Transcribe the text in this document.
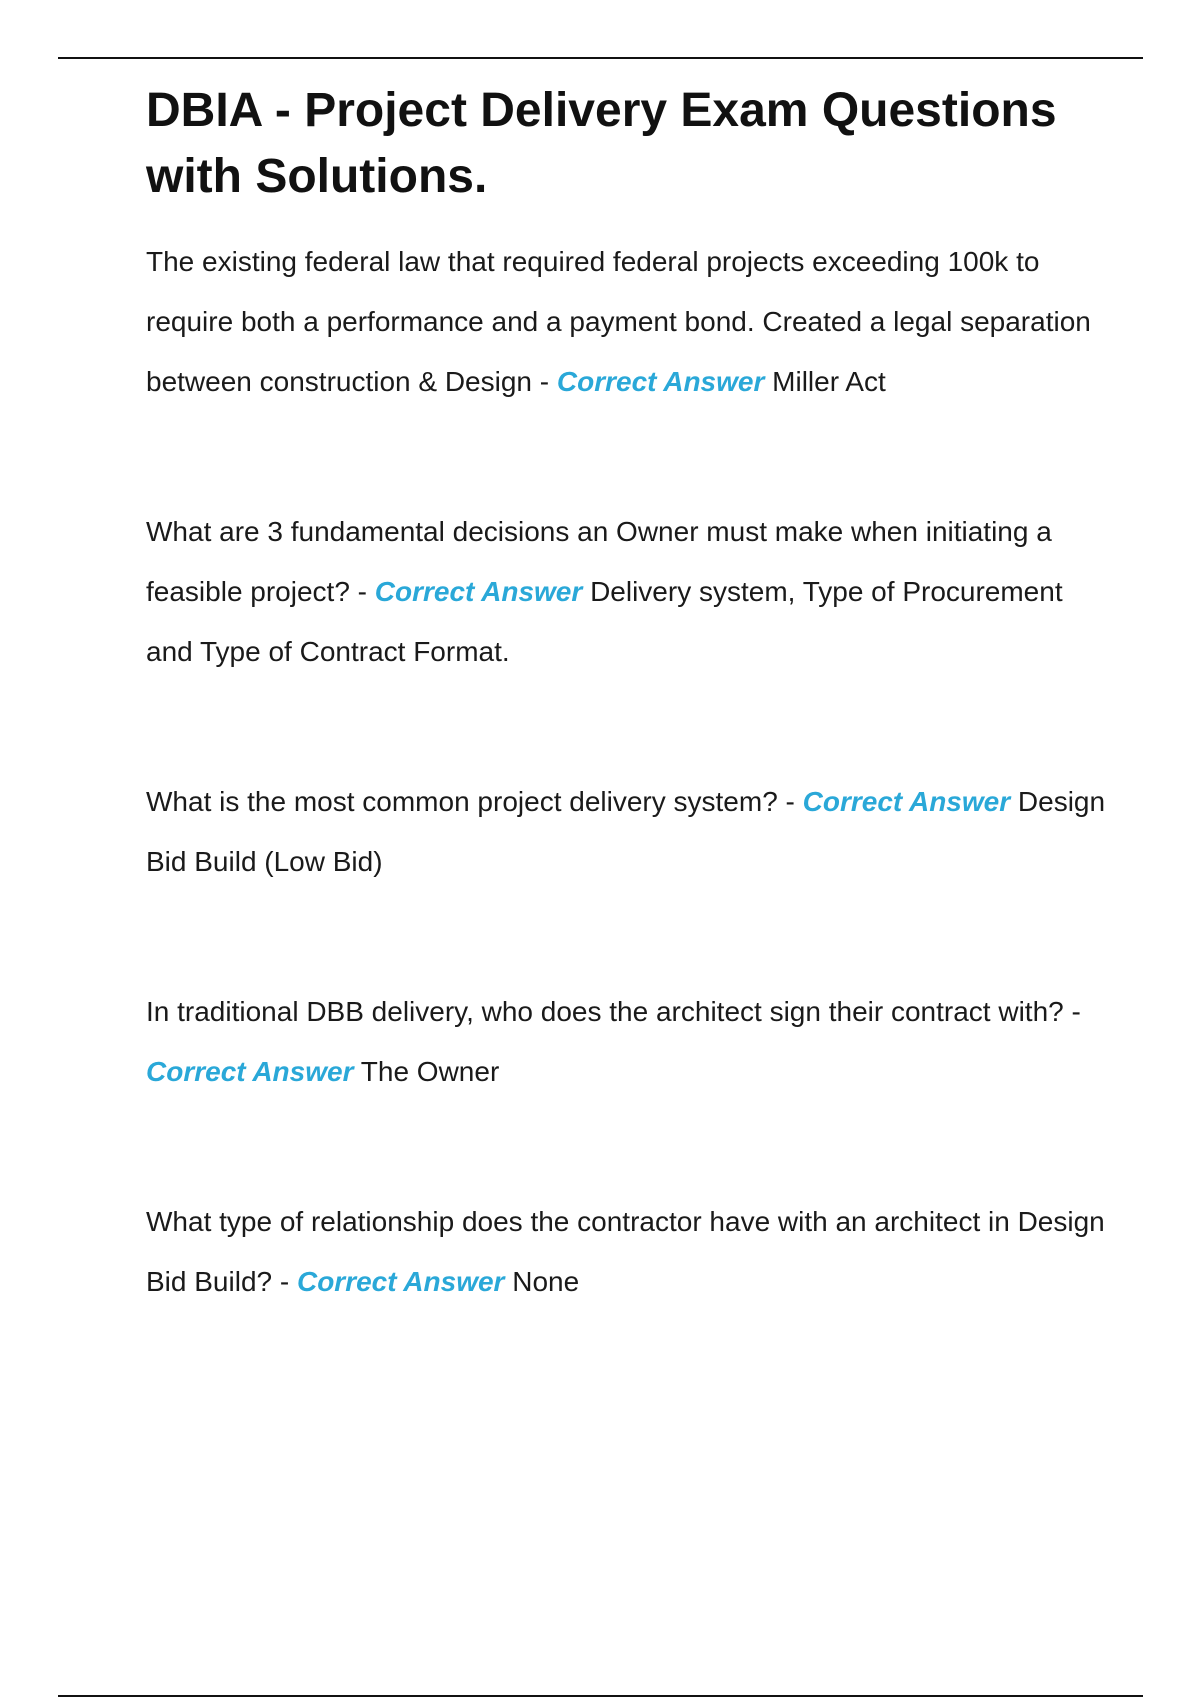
DBIA - Project Delivery Exam Questions with Solutions.

The existing federal law that required federal projects exceeding 100k to require both a performance and a payment bond. Created a legal separation between construction & Design - Correct Answer Miller Act

What are 3 fundamental decisions an Owner must make when initiating a feasible project? - Correct Answer Delivery system, Type of Procurement and Type of Contract Format.

What is the most common project delivery system? - Correct Answer Design Bid Build (Low Bid)

In traditional DBB delivery, who does the architect sign their contract with? - Correct Answer The Owner

What type of relationship does the contractor have with an architect in Design Bid Build? - Correct Answer None
